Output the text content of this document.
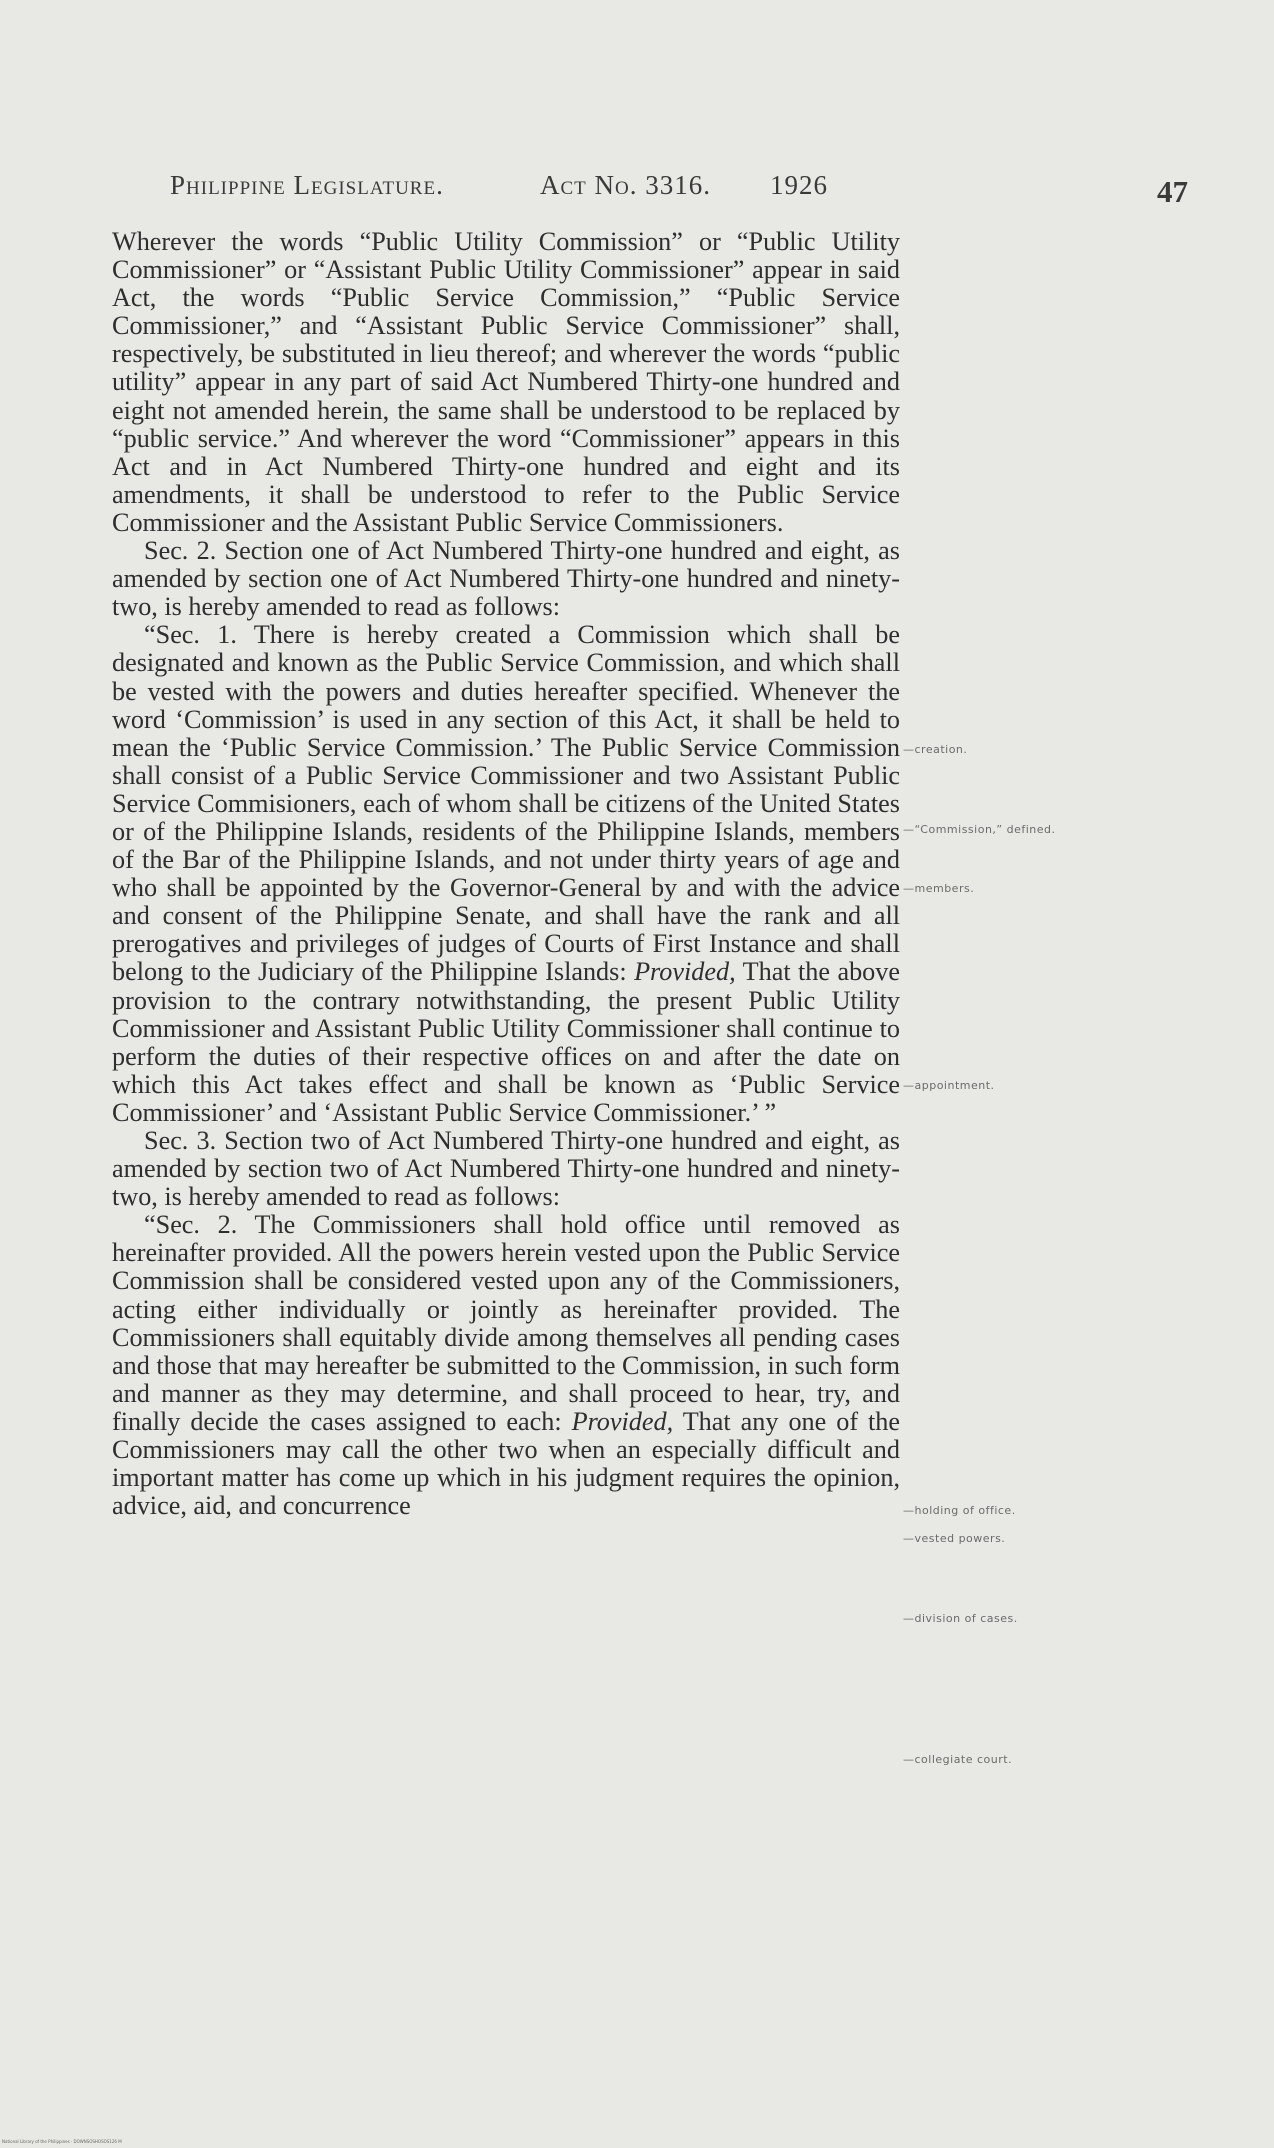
Philippine Legislature.	Act No. 3316. 1926	47

Wherever the words “Public Utility Commission” or “Public Utility Commissioner” or “Assistant Public Utility Commissioner” appear in said Act, the words “Public Service Commission,” “Public Service Commissioner,” and “Assistant Public Service Commissioner” shall, respectively, be substituted in lieu thereof; and wherever the words “public utility” appear in any part of said Act Numbered Thirty-one hundred and eight not amended herein, the same shall be understood to be replaced by “public service.” And wherever the word “Commissioner” appears in this Act and in Act Numbered Thirty-one hundred and eight and its amendments, it shall be understood to refer to the Public Service Commissioner and the Assistant Public Service Commissioners.

Sec. 2. Section one of Act Numbered Thirty-one hundred and eight, as amended by section one of Act Numbered Thirty-one hundred and ninety-two, is hereby amended to read as follows:

“Sec. 1. There is hereby created a Commission which shall be designated and known as the Public Service Commission, and which shall be vested with the powers and duties hereafter specified. Whenever the word ‘Commission’ is used in any section of this Act, it shall be held to mean the ‘Public Service Commission.’ The Public Service Commission shall consist of a Public Service Commissioner and two Assistant Public Service Commisioners, each of whom shall be citizens of the United States or of the Philippine Islands, residents of the Philippine Islands, members of the Bar of the Philippine Islands, and not under thirty years of age and who shall be appointed by the Governor-General by and with the advice and consent of the Philippine Senate, and shall have the rank and all prerogatives and privileges of judges of Courts of First Instance and shall belong to the Judiciary of the Philippine Islands: Provided, That the above provision to the contrary notwithstanding, the present Public Utility Commissioner and Assistant Public Utility Commissioner shall continue to perform the duties of their respective offices on and after the date on which this Act takes effect and shall be known as ‘Public Service Commissioner’ and ‘Assistant Public Service Commissioner.’ ”

Sec. 3. Section two of Act Numbered Thirty-one hundred and eight, as amended by section two of Act Numbered Thirty-one hundred and ninety-two, is hereby amended to read as follows:

“Sec. 2. The Commissioners shall hold office until removed as hereinafter provided. All the powers herein vested upon the Public Service Commission shall be considered vested upon any of the Commissioners, acting either individually or jointly as hereinafter provided. The Commissioners shall equitably divide among themselves all pending cases and those that may hereafter be submitted to the Commission, in such form and manner as they may determine, and shall proceed to hear, try, and finally decide the cases assigned to each: Provided, That any one of the Commissioners may call the other two when an especially difficult and important matter has come up which in his judgment requires the opinion, advice, aid, and concurrence

—creation.
—“Commission,” defined.
—members.
—appointment.
—holding of office.
—vested powers.
—division of cases.
—collegiate court.
National Library of the Philippines · DOWNSOSHOSOS126 M
